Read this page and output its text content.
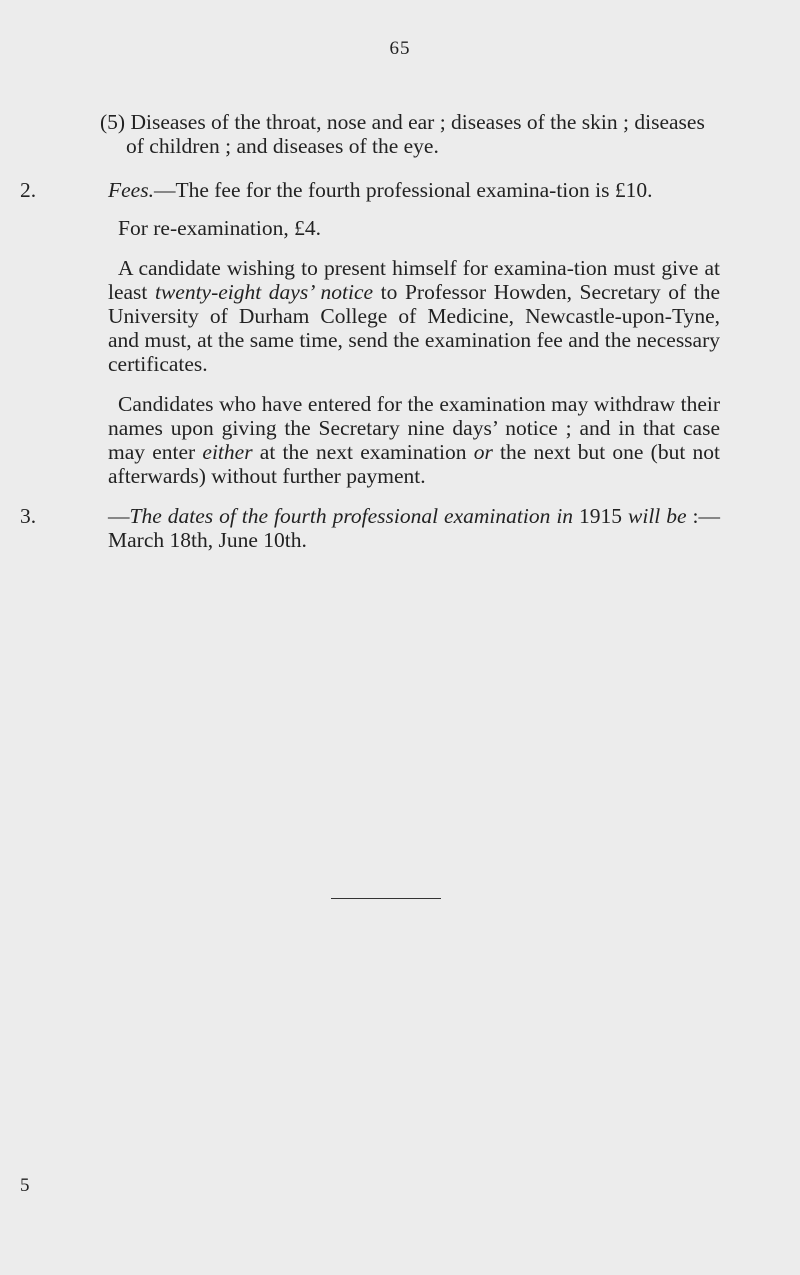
65

(5) Diseases of the throat, nose and ear ; diseases of the skin ; diseases of children ; and diseases of the eye.

2.	Fees.—The fee for the fourth professional examina-tion is £10.

For re-examination, £4.

A candidate wishing to present himself for examina-tion must give at least twenty-eight days’ notice to Professor Howden, Secretary of the University of Durham College of Medicine, Newcastle-upon-Tyne, and must, at the same time, send the examination fee and the necessary certificates.

Candidates who have entered for the examination may withdraw their names upon giving the Secretary nine days’ notice ; and in that case may enter either at the next examination or the next but one (but not afterwards) without further payment.

3.	—The dates of the fourth professional examination in 1915 will be :—March 18th, June 10th.

5
